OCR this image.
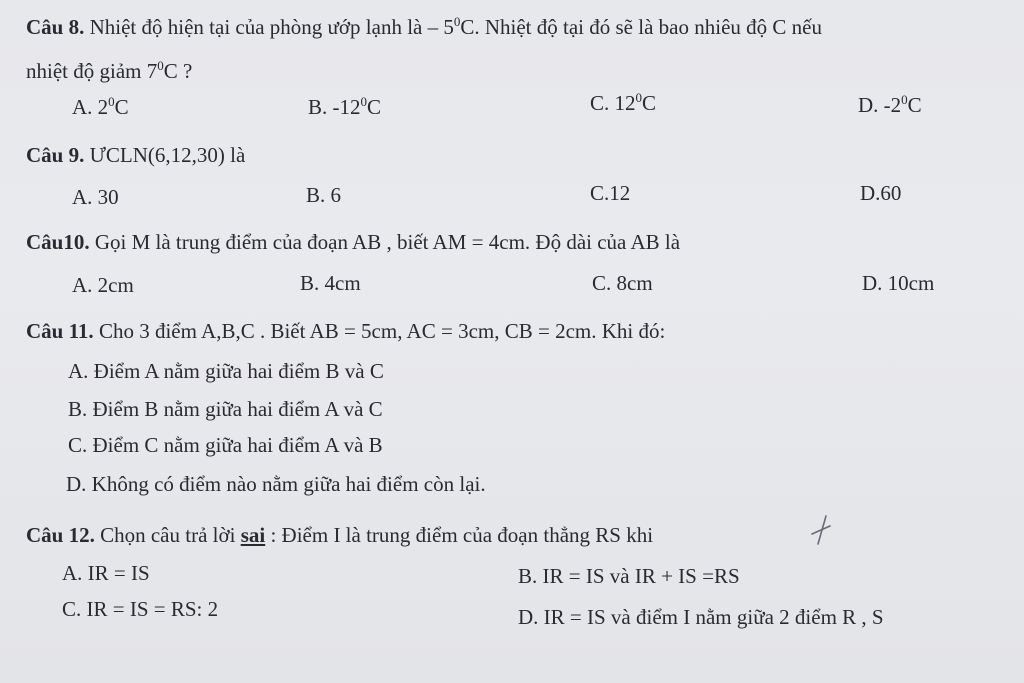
Câu 8. Nhiệt độ hiện tại của phòng ướp lạnh là – $5^0C$. Nhiệt độ tại đó sẽ là bao nhiêu độ C nếu
nhiệt độ giảm $7^0C$ ?
A. $2^0C$	B. $-12^0C$	C. $12^0C$	D. $-2^0C$
Câu 9. ƯCLN(6,12,30) là
A. 30	B. 6	C.12	D.60
Câu10. Gọi M là trung điểm của đoạn AB , biết AM = 4cm. Độ dài của AB là
A. 2cm	B. 4cm	C. 8cm	D. 10cm
Câu 11. Cho 3 điểm A,B,C . Biết AB = 5cm, AC = 3cm, CB = 2cm. Khi đó:
A. Điểm A nằm giữa hai điểm B và C
B. Điểm B nằm giữa hai điểm A và C
C. Điểm C nằm giữa hai điểm A và B
D. Không có điểm nào nằm giữa hai điểm còn lại.
Câu 12. Chọn câu trả lời sai : Điểm I là trung điểm của đoạn thẳng RS khi
A. IR = IS	B. IR = IS và IR + IS =RS
C. IR = IS = RS: 2	D. IR = IS và điểm I nằm giữa 2 điểm R , S
